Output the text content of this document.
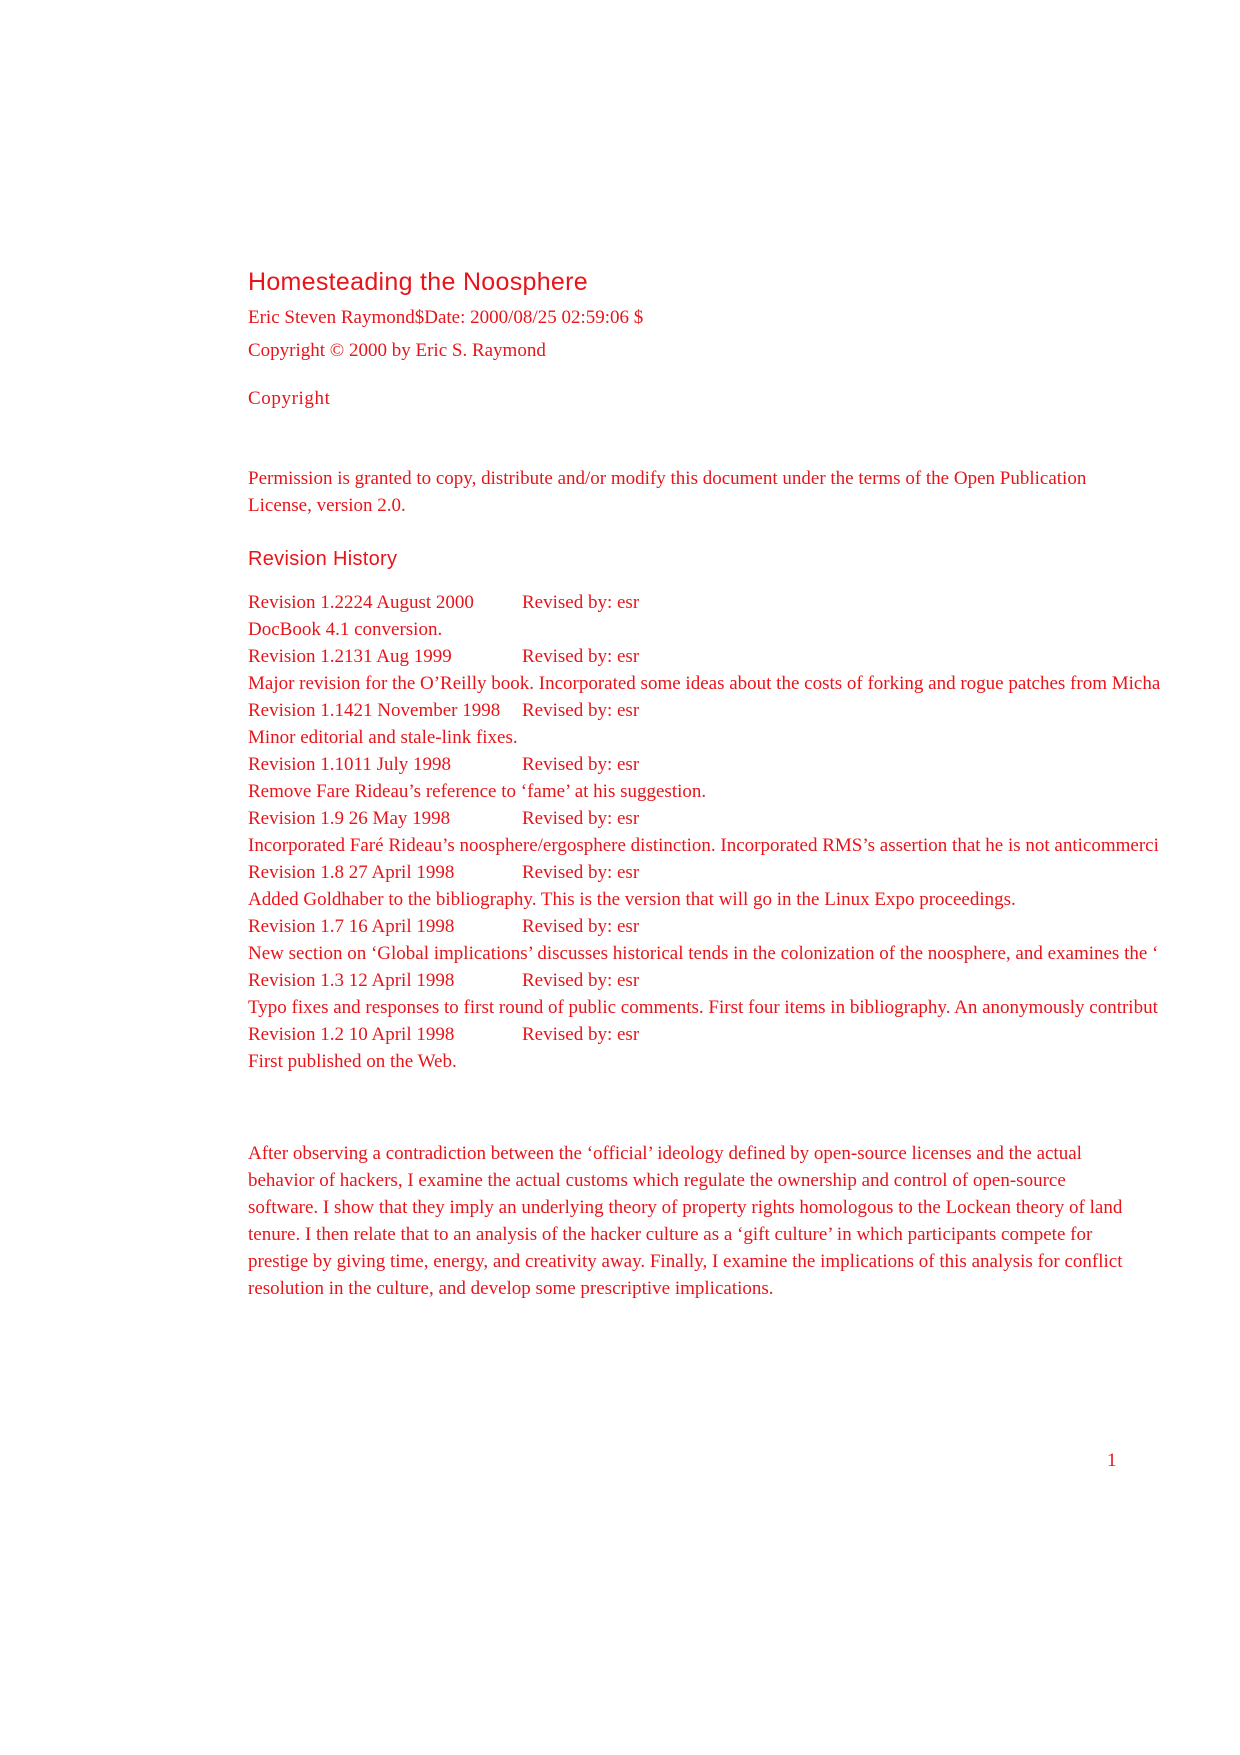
Homesteading the Noosphere

Eric Steven Raymond$Date: 2000/08/25 02:59:06 $

Copyright © 2000 by Eric S. Raymond

Copyright

Permission is granted to copy, distribute and/or modify this document under the terms of the Open Publication License, version 2.0.

Revision History
Revision 1.2224 August 2000	Revised by: esr
DocBook 4.1 conversion.
Revision 1.2131 Aug 1999	Revised by: esr
Major revision for the O’Reilly book. Incorporated some ideas about the costs of forking and rogue patches from Micha
Revision 1.1421 November 1998 Revised by: esr
Minor editorial and stale-link fixes.
Revision 1.1011 July 1998	Revised by: esr
Remove Fare Rideau’s reference to ‘fame’ at his suggestion.
Revision 1.9 26 May 1998	Revised by: esr
Incorporated Faré Rideau’s noosphere/ergosphere distinction. Incorporated RMS’s assertion that he is not anticommerci
Revision 1.8 27 April 1998	Revised by: esr
Added Goldhaber to the bibliography. This is the version that will go in the Linux Expo proceedings.
Revision 1.7 16 April 1998	Revised by: esr
New section on ‘Global implications’ discusses historical tends in the colonization of the noosphere, and examines the ‘
Revision 1.3 12 April 1998	Revised by: esr
Typo fixes and responses to first round of public comments. First four items in bibliography. An anonymously contribut
Revision 1.2 10 April 1998	Revised by: esr
First published on the Web.

After observing a contradiction between the ‘official’ ideology defined by open-source licenses and the actual behavior of hackers, I examine the actual customs which regulate the ownership and control of open-source software. I show that they imply an underlying theory of property rights homologous to the Lockean theory of land tenure. I then relate that to an analysis of the hacker culture as a ‘gift culture’ in which participants compete for prestige by giving time, energy, and creativity away. Finally, I examine the implications of this analysis for conflict resolution in the culture, and develop some prescriptive implications.

1
